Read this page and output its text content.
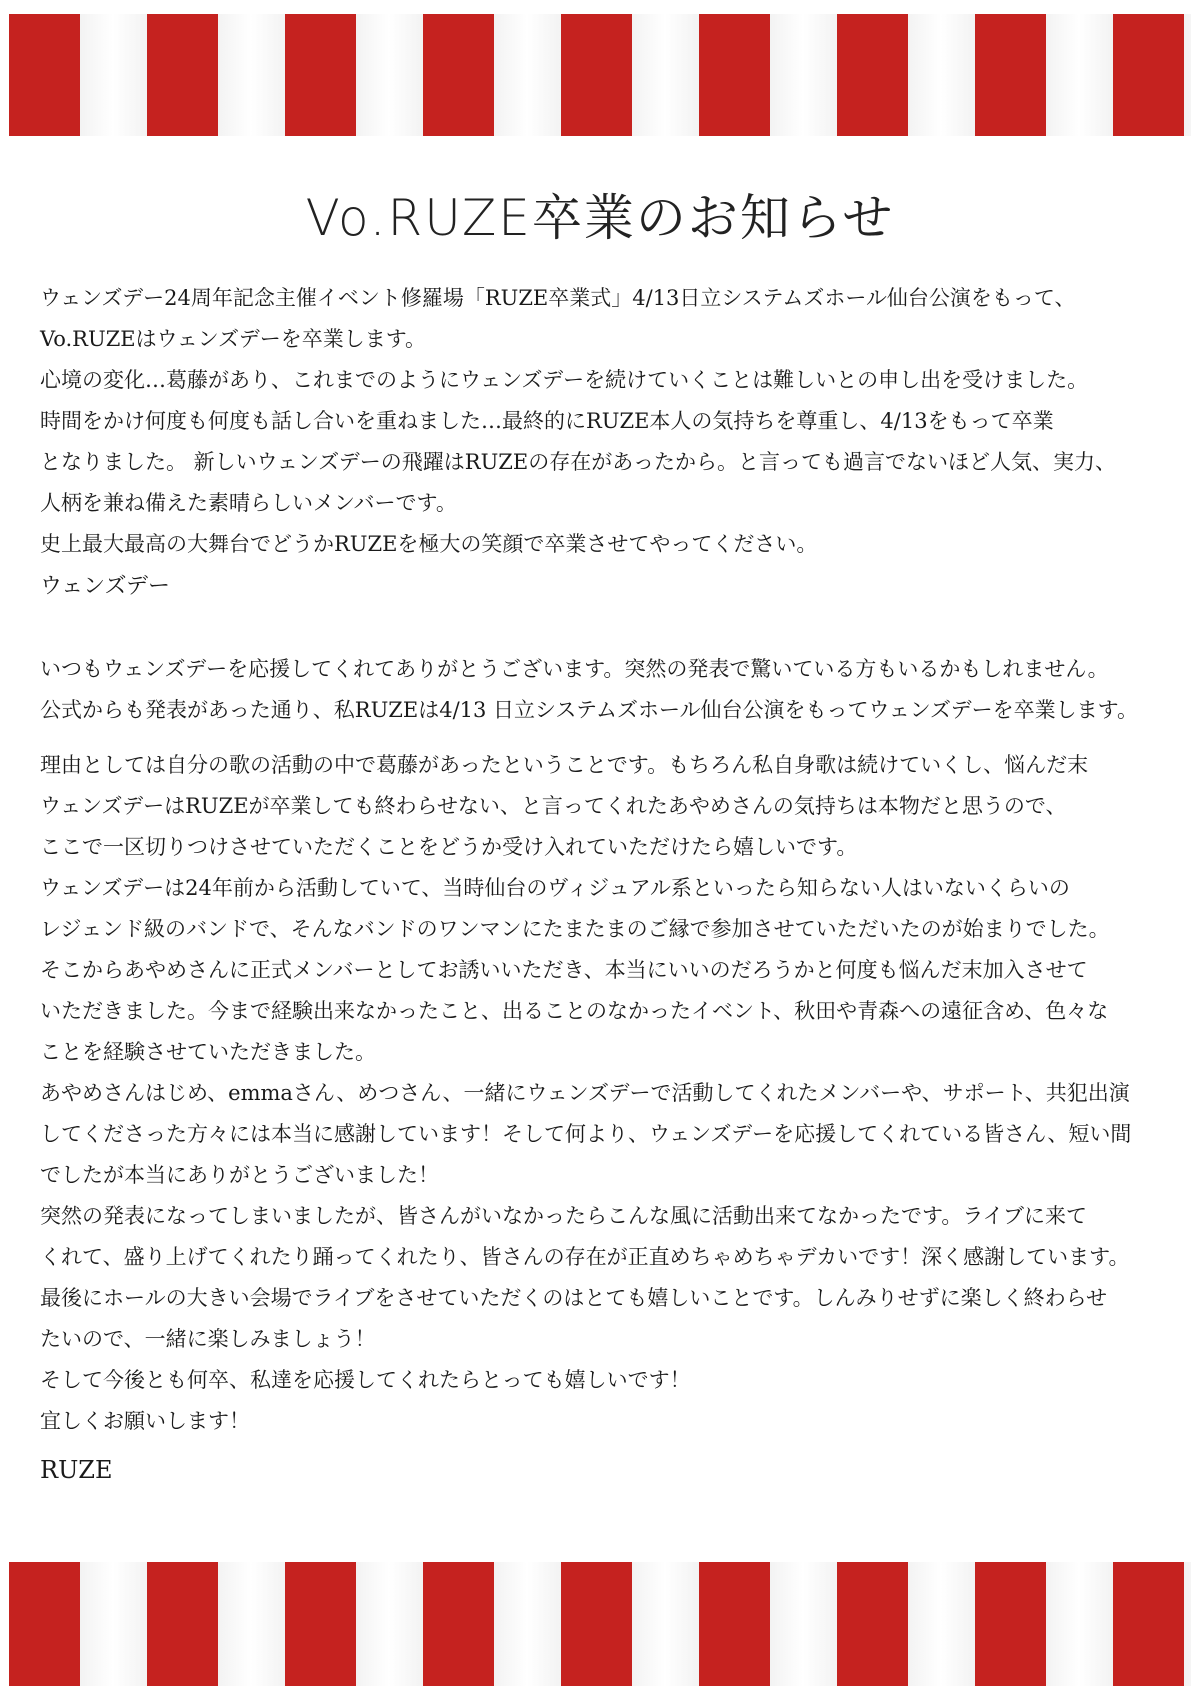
Vo.RUZE卒業のお知らせ

ウェンズデー24周年記念主催イベント修羅場「RUZE卒業式」4/13日立システムズホール仙台公演をもって、

Vo.RUZEはウェンズデーを卒業します。

心境の変化…葛藤があり、これまでのようにウェンズデーを続けていくことは難しいとの申し出を受けました。

時間をかけ何度も何度も話し合いを重ねました…最終的にRUZE本人の気持ちを尊重し、4/13をもって卒業

となりました。 新しいウェンズデーの飛躍はRUZEの存在があったから。と言っても過言でないほど人気、実力、

人柄を兼ね備えた素晴らしいメンバーです。

史上最大最高の大舞台でどうかRUZEを極大の笑顔で卒業させてやってください。

ウェンズデー

いつもウェンズデーを応援してくれてありがとうございます。突然の発表で驚いている方もいるかもしれません。

公式からも発表があった通り、私RUZEは4/13 日立システムズホール仙台公演をもってウェンズデーを卒業します。

理由としては自分の歌の活動の中で葛藤があったということです。もちろん私自身歌は続けていくし、悩んだ末

ウェンズデーはRUZEが卒業しても終わらせない、と言ってくれたあやめさんの気持ちは本物だと思うので、

ここで一区切りつけさせていただくことをどうか受け入れていただけたら嬉しいです。

ウェンズデーは24年前から活動していて、当時仙台のヴィジュアル系といったら知らない人はいないくらいの

レジェンド級のバンドで、そんなバンドのワンマンにたまたまのご縁で参加させていただいたのが始まりでした。

そこからあやめさんに正式メンバーとしてお誘いいただき、本当にいいのだろうかと何度も悩んだ末加入させて

いただきました。今まで経験出来なかったこと、出ることのなかったイベント、秋田や青森への遠征含め、色々な

ことを経験させていただきました。

あやめさんはじめ、emmaさん、めつさん、一緒にウェンズデーで活動してくれたメンバーや、サポート、共犯出演

してくださった方々には本当に感謝しています！そして何より、ウェンズデーを応援してくれている皆さん、短い間

でしたが本当にありがとうございました！

突然の発表になってしまいましたが、皆さんがいなかったらこんな風に活動出来てなかったです。ライブに来て

くれて、盛り上げてくれたり踊ってくれたり、皆さんの存在が正直めちゃめちゃデカいです！深く感謝しています。

最後にホールの大きい会場でライブをさせていただくのはとても嬉しいことです。しんみりせずに楽しく終わらせ

たいので、一緒に楽しみましょう！

そして今後とも何卒、私達を応援してくれたらとっても嬉しいです！

宜しくお願いします！

RUZE
